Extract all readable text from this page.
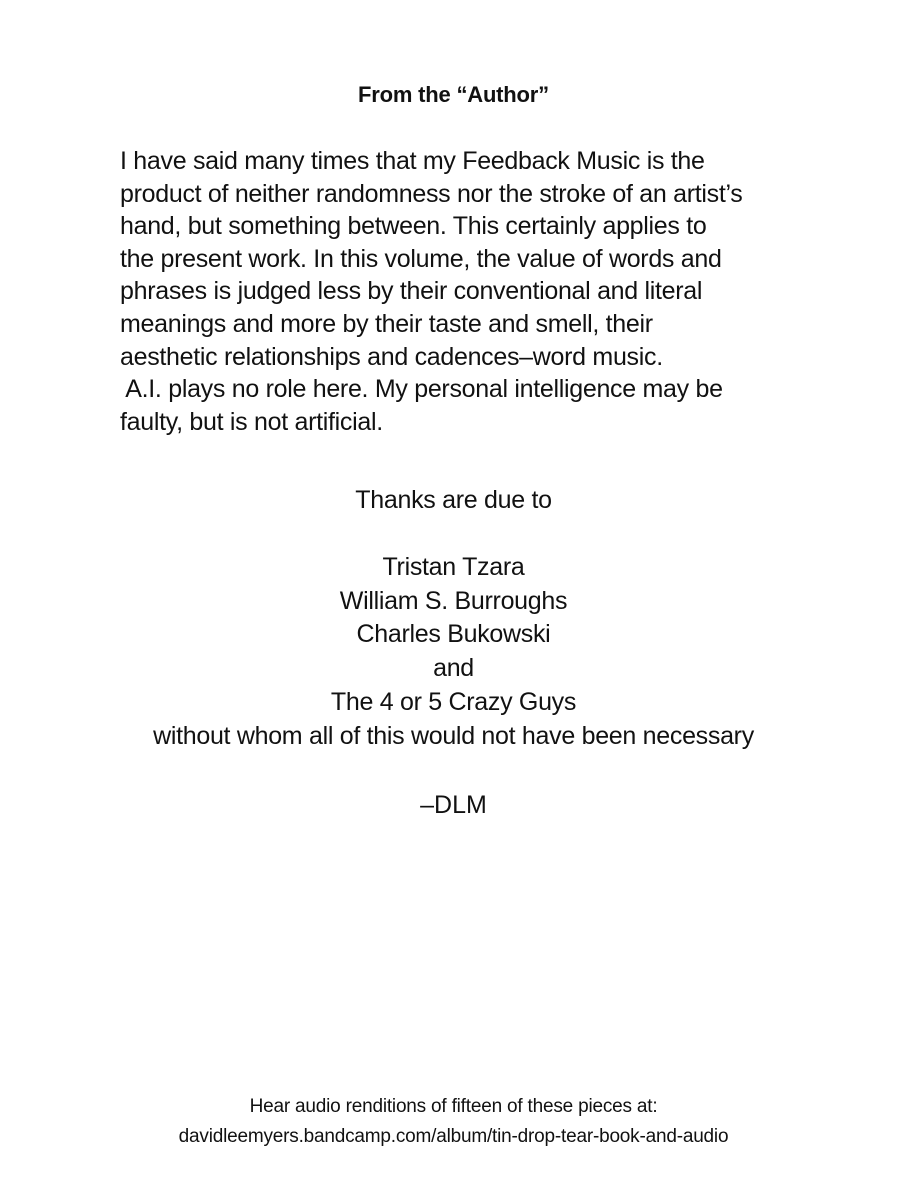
From the “Author”
I have said many times that my Feedback Music is the
product of neither randomness nor the stroke of an artist’s
hand, but something between. This certainly applies to
the present work. In this volume, the value of words and
phrases is judged less by their conventional and literal
meanings and more by their taste and smell, their
aesthetic relationships and cadences–word music.
A.I. plays no role here. My personal intelligence may be
faulty, but is not artificial.
Thanks are due to
Tristan Tzara
William S. Burroughs
Charles Bukowski
and
The 4 or 5 Crazy Guys
without whom all of this would not have been necessary
–DLM
Hear audio renditions of fifteen of these pieces at:
davidleemyers.bandcamp.com/album/tin-drop-tear-book-and-audio
